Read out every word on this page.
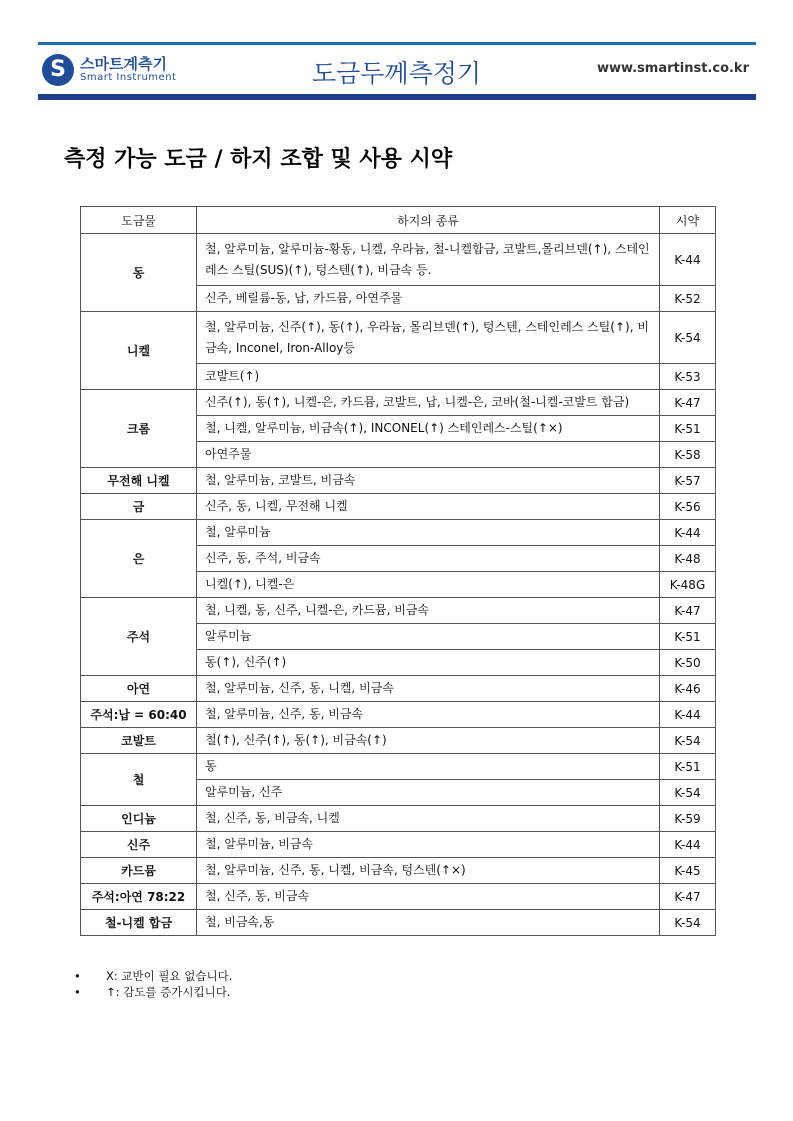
S 스마트계측기
Smart Instrument	도금두께측정기	www.smartinst.co.kr
측정 가능 도금 / 하지 조합 및 사용 시약
도금물	하지의 종류	시약
동	철, 알루미늄, 알루미늄-황동, 니켈, 우라늄, 철-니켈합금, 코발트,몰리브덴(↑), 스테인레스 스틸(SUS)(↑), 텅스텐(↑), 비금속 등.	K-44
	신주, 베릴륨-동, 납, 카드뮴, 아연주물	K-52
니켈	철, 알루미늄, 신주(↑), 동(↑), 우라늄, 몰리브덴(↑), 텅스텐, 스테인레스 스틸(↑), 비금속, Inconel, Iron-Alloy등	K-54
	코발트(↑)	K-53
크롬	신주(↑), 동(↑), 니켈-은, 카드뮴, 코발트, 납, 니켈-은, 코바(철-니켈-코발트 합금)	K-47
	철, 니켈, 알루미늄, 비금속(↑), INCONEL(↑) 스테인레스-스틸(↑×)	K-51
	아연주물	K-58
무전해 니켈	철, 알루미늄, 코발트, 비금속	K-57
금	신주, 동, 니켈, 무전해 니켈	K-56
은	철, 알루미늄	K-44
	신주, 동, 주석, 비금속	K-48
	니켈(↑), 니켈-은	K-48G
주석	철, 니켈, 동, 신주, 니켈-은, 카드뮴, 비금속	K-47
	알루미늄	K-51
	동(↑), 신주(↑)	K-50
아연	철, 알루미늄, 신주, 동, 니켈, 비금속	K-46
주석:납 = 60:40	철, 알루미늄, 신주, 동, 비금속	K-44
코발트	철(↑), 신주(↑), 동(↑), 비금속(↑)	K-54
철	동	K-51
	알루미늄, 신주	K-54
인디늄	철, 신주, 동, 비금속, 니켈	K-59
신주	철, 알루미늄, 비금속	K-44
카드뮴	철, 알루미늄, 신주, 동, 니켈, 비금속, 텅스텐(↑×)	K-45
주석:아연 78:22	철, 신주, 동, 비금속	K-47
철-니켈 합금	철, 비금속,동	K-54
• X: 교반이 필요 없습니다.
• ↑: 감도를 증가시킵니다.
